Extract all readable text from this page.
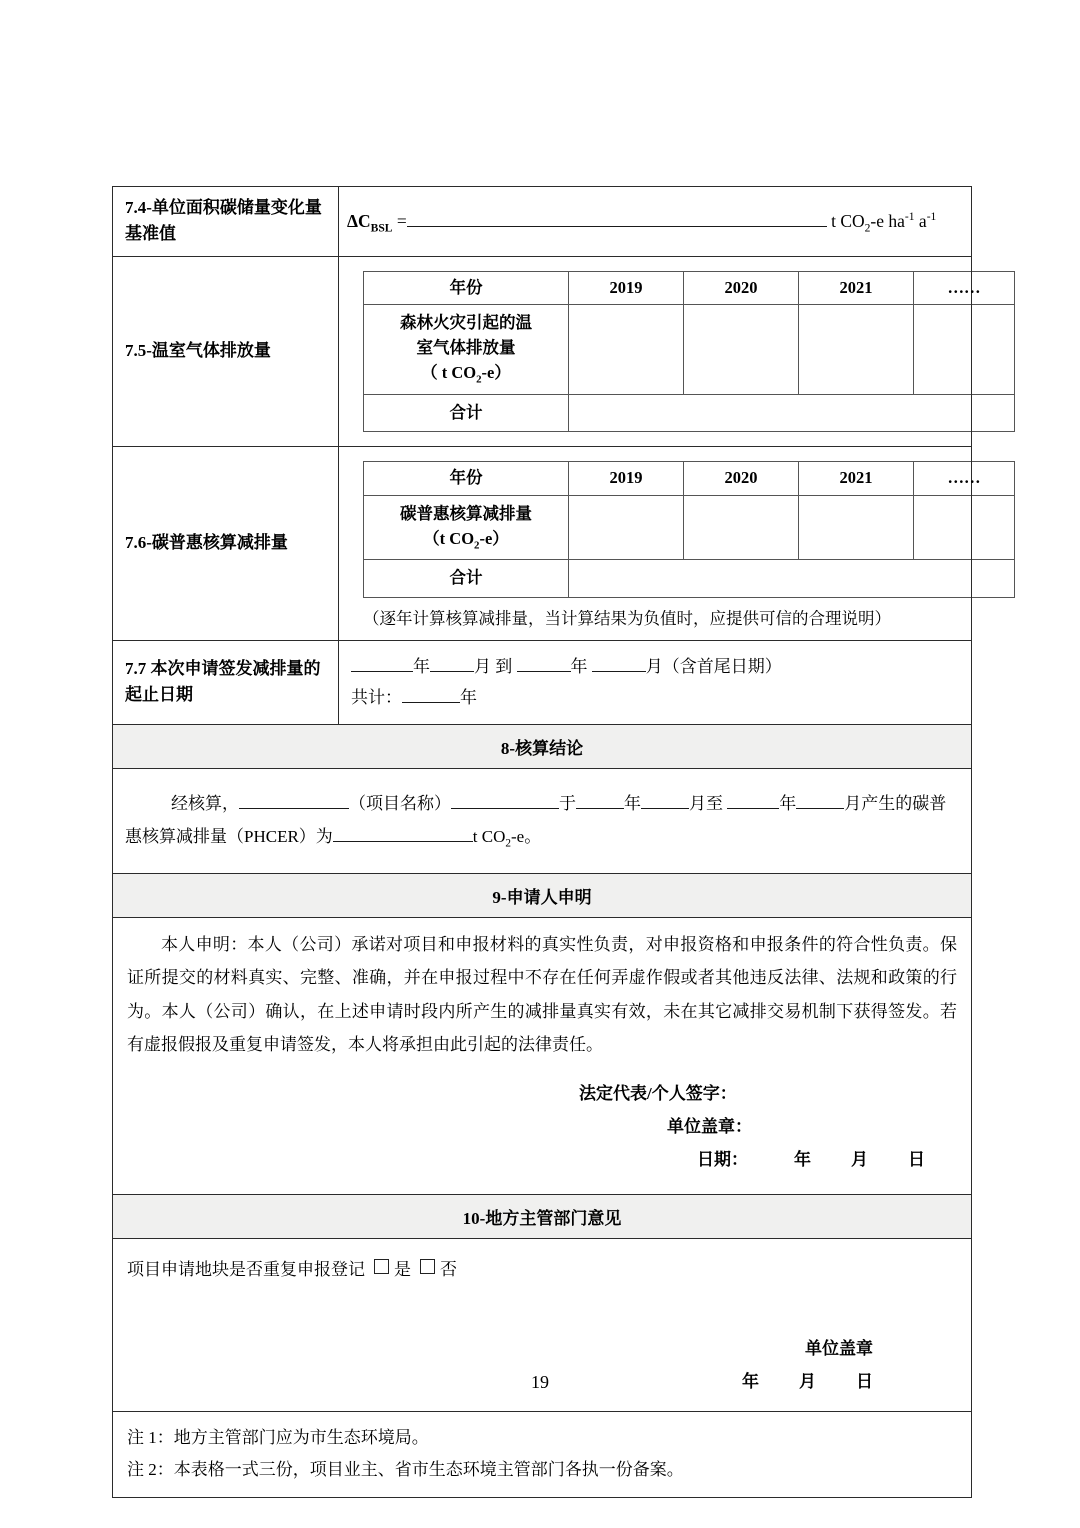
7.4-单位面积碳储量变化量基准值	$\Delta C_{BSL}$ =	t $CO_2-e$ $ha^{-1}$ $a^{-1}$
7.5-温室气体排放量	
年份	2019	2020	2021	……

森林火灾引起的温
室气体排放量
（ t $CO_2-e$）

合计	

7.6-碳普惠核算减排量	
年份	2019	2020	2021	……

碳普惠核算减排量
（t $CO_2-e$）

合计	
（逐年计算核算减排量，当计算结果为负值时，应提供可信的合理说明）

7.7 本次申请签发减排量的起止日期	
年	月 到	年	月（含首尾日期）
共计：	年

8-核算结论

经核算，	（项目名称）	于	年	月至	年	月产生的碳普
惠核算减排量（PHCER）为	t $CO_2-e$。

9-申请人申明

本人申明：本人（公司）承诺对项目和申报材料的真实性负责，对申报资格和申报条件的符合性负责。保证所提交的材料真实、完整、准确，并在申报过程中不存在任何弄虚作假或者其他违反法律、法规和政策的行为。本人（公司）确认，在上述申请时段内所产生的减排量真实有效，未在其它减排交易机制下获得签发。若有虚报假报及重复申请签发，本人将承担由此引起的法律责任。

法定代表/个人签字：
单位盖章：
日期：	年 月 日

10-地方主管部门意见

项目申请地块是否重复申报登记 是 否
单位盖章
年 月 日

注 1：地方主管部门应为市生态环境局。
注 2：本表格一式三份，项目业主、省市生态环境主管部门各执一份备案。
19
